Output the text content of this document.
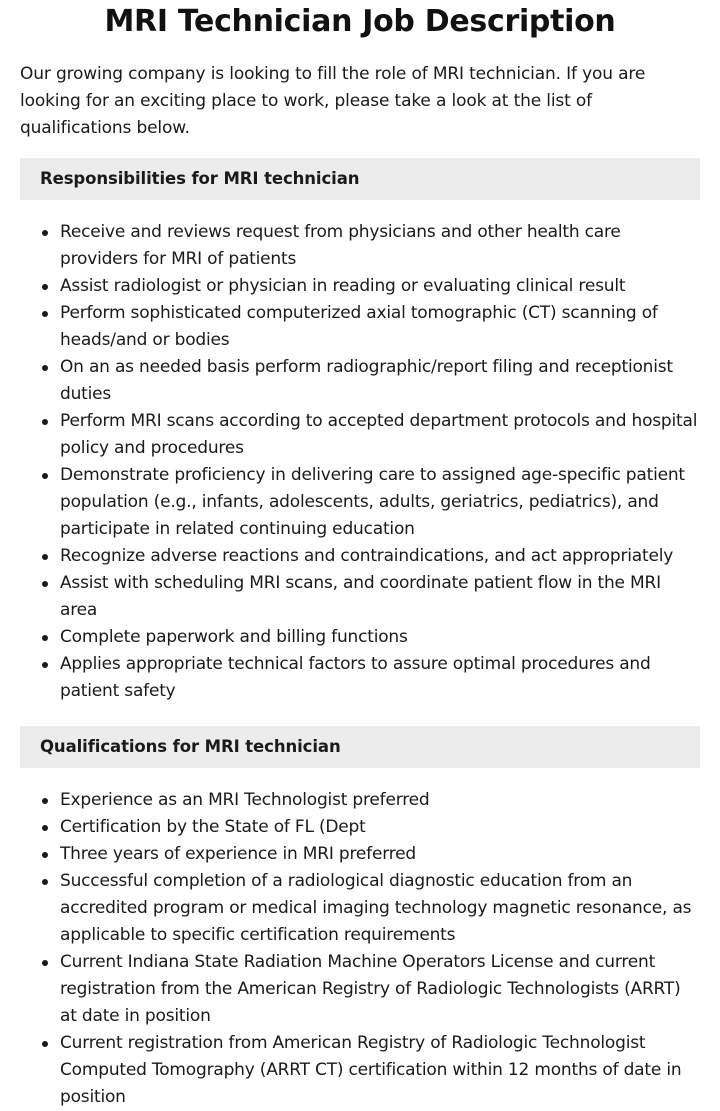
MRI Technician Job Description

Our growing company is looking to fill the role of MRI technician. If you are looking for an exciting place to work, please take a look at the list of qualifications below.

Responsibilities for MRI technician
Receive and reviews request from physicians and other health care providers for MRI of patients
Assist radiologist or physician in reading or evaluating clinical result
Perform sophisticated computerized axial tomographic (CT) scanning of heads/and or bodies
On an as needed basis perform radiographic/report filing and receptionist duties
Perform MRI scans according to accepted department protocols and hospital policy and procedures
Demonstrate proficiency in delivering care to assigned age-specific patient population (e.g., infants, adolescents, adults, geriatrics, pediatrics), and participate in related continuing education
Recognize adverse reactions and contraindications, and act appropriately
Assist with scheduling MRI scans, and coordinate patient flow in the MRI area
Complete paperwork and billing functions
Applies appropriate technical factors to assure optimal procedures and patient safety
Qualifications for MRI technician
Experience as an MRI Technologist preferred
Certification by the State of FL (Dept
Three years of experience in MRI preferred
Successful completion of a radiological diagnostic education from an accredited program or medical imaging technology magnetic resonance, as applicable to specific certification requirements
Current Indiana State Radiation Machine Operators License and current registration from the American Registry of Radiologic Technologists (ARRT) at date in position
Current registration from American Registry of Radiologic Technologist Computed Tomography (ARRT CT) certification within 12 months of date in position
